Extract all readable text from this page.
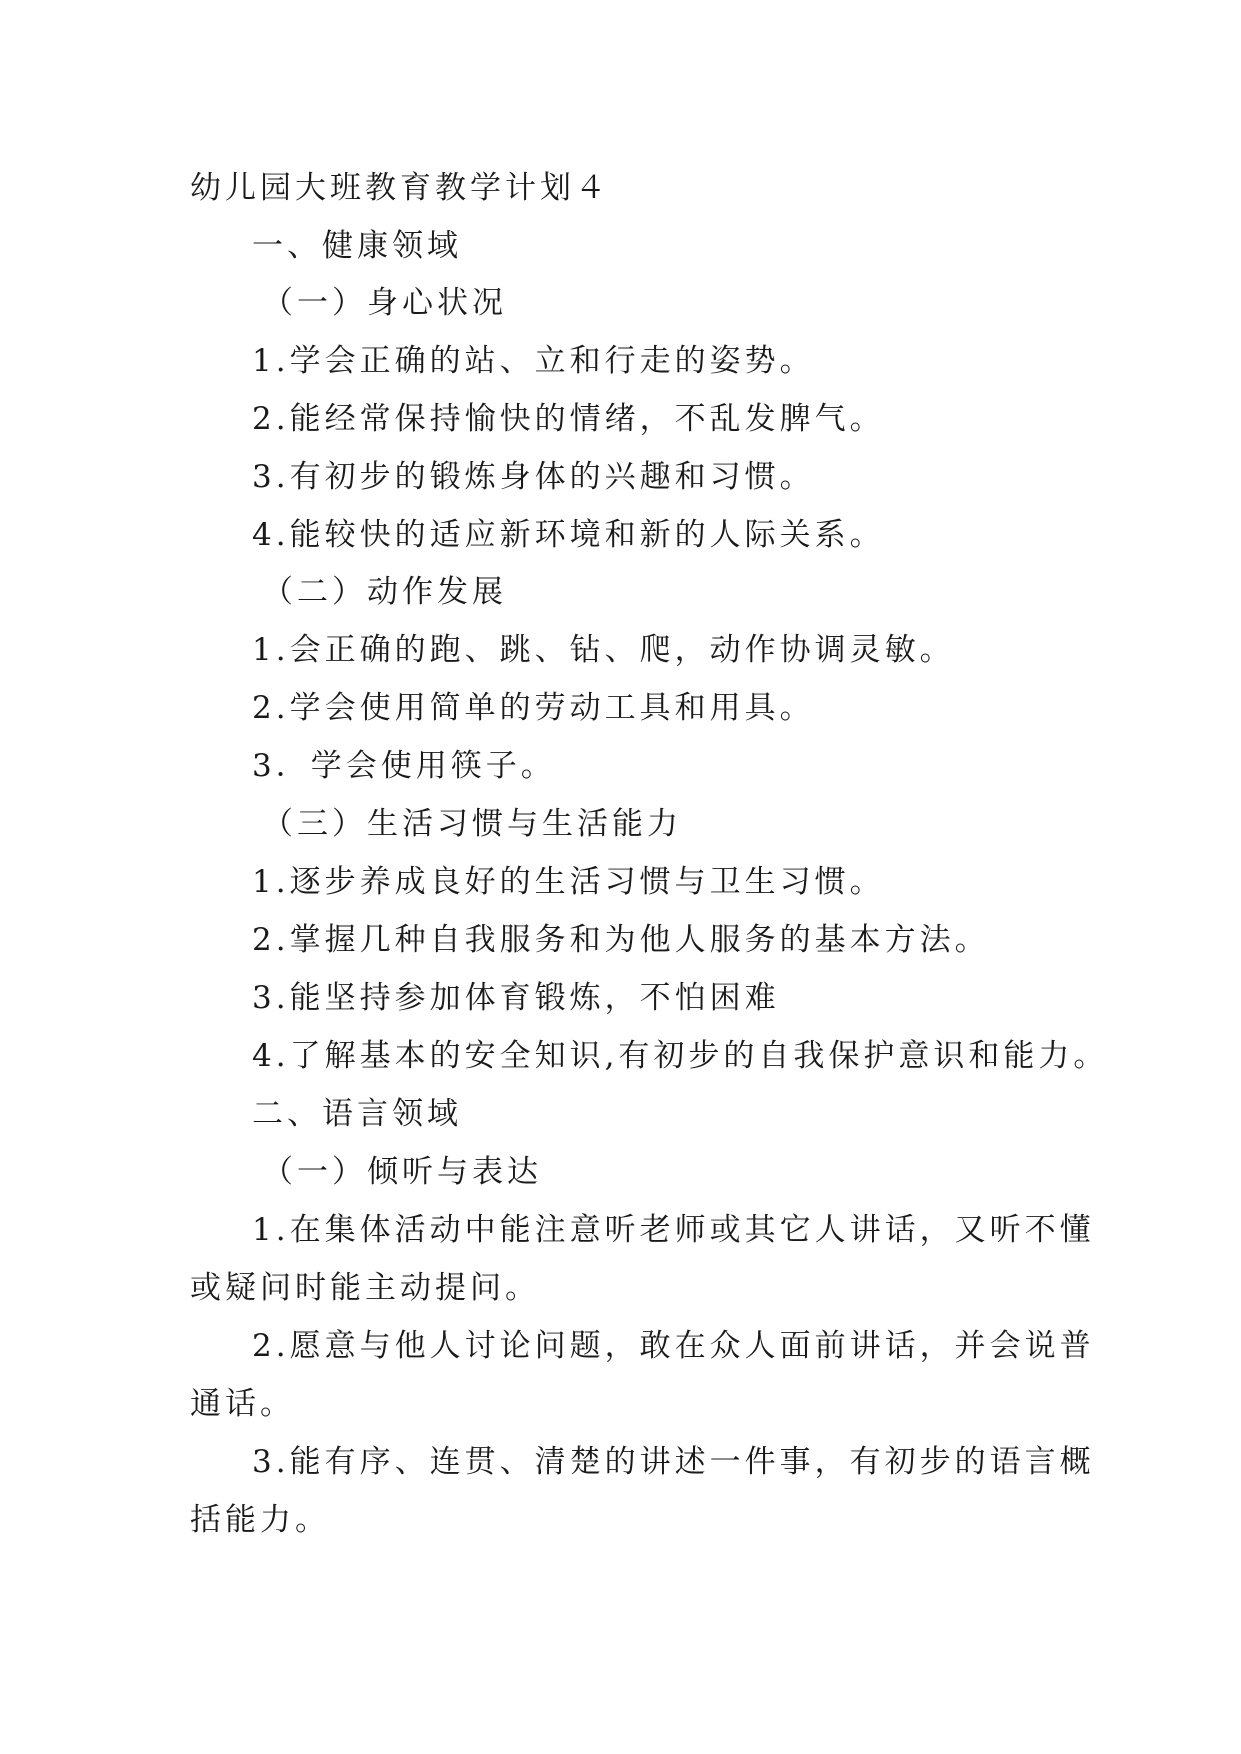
幼儿园大班教育教学计划４
一、健康领域
（一）身心状况
1.学会正确的站、立和行走的姿势。
2.能经常保持愉快的情绪，不乱发脾气。
3.有初步的锻炼身体的兴趣和习惯。
4.能较快的适应新环境和新的人际关系。
（二）动作发展
1.会正确的跑、跳、钻、爬，动作协调灵敏。
2.学会使用简单的劳动工具和用具。
3．学会使用筷子。
（三）生活习惯与生活能力
1.逐步养成良好的生活习惯与卫生习惯。
2.掌握几种自我服务和为他人服务的基本方法。
3.能坚持参加体育锻炼，不怕困难
4.了解基本的安全知识,有初步的自我保护意识和能力。
二、语言领域
（一）倾听与表达
1.在集体活动中能注意听老师或其它人讲话，又听不懂
或疑问时能主动提问。
2.愿意与他人讨论问题，敢在众人面前讲话，并会说普
通话。
3.能有序、连贯、清楚的讲述一件事，有初步的语言概
括能力。
